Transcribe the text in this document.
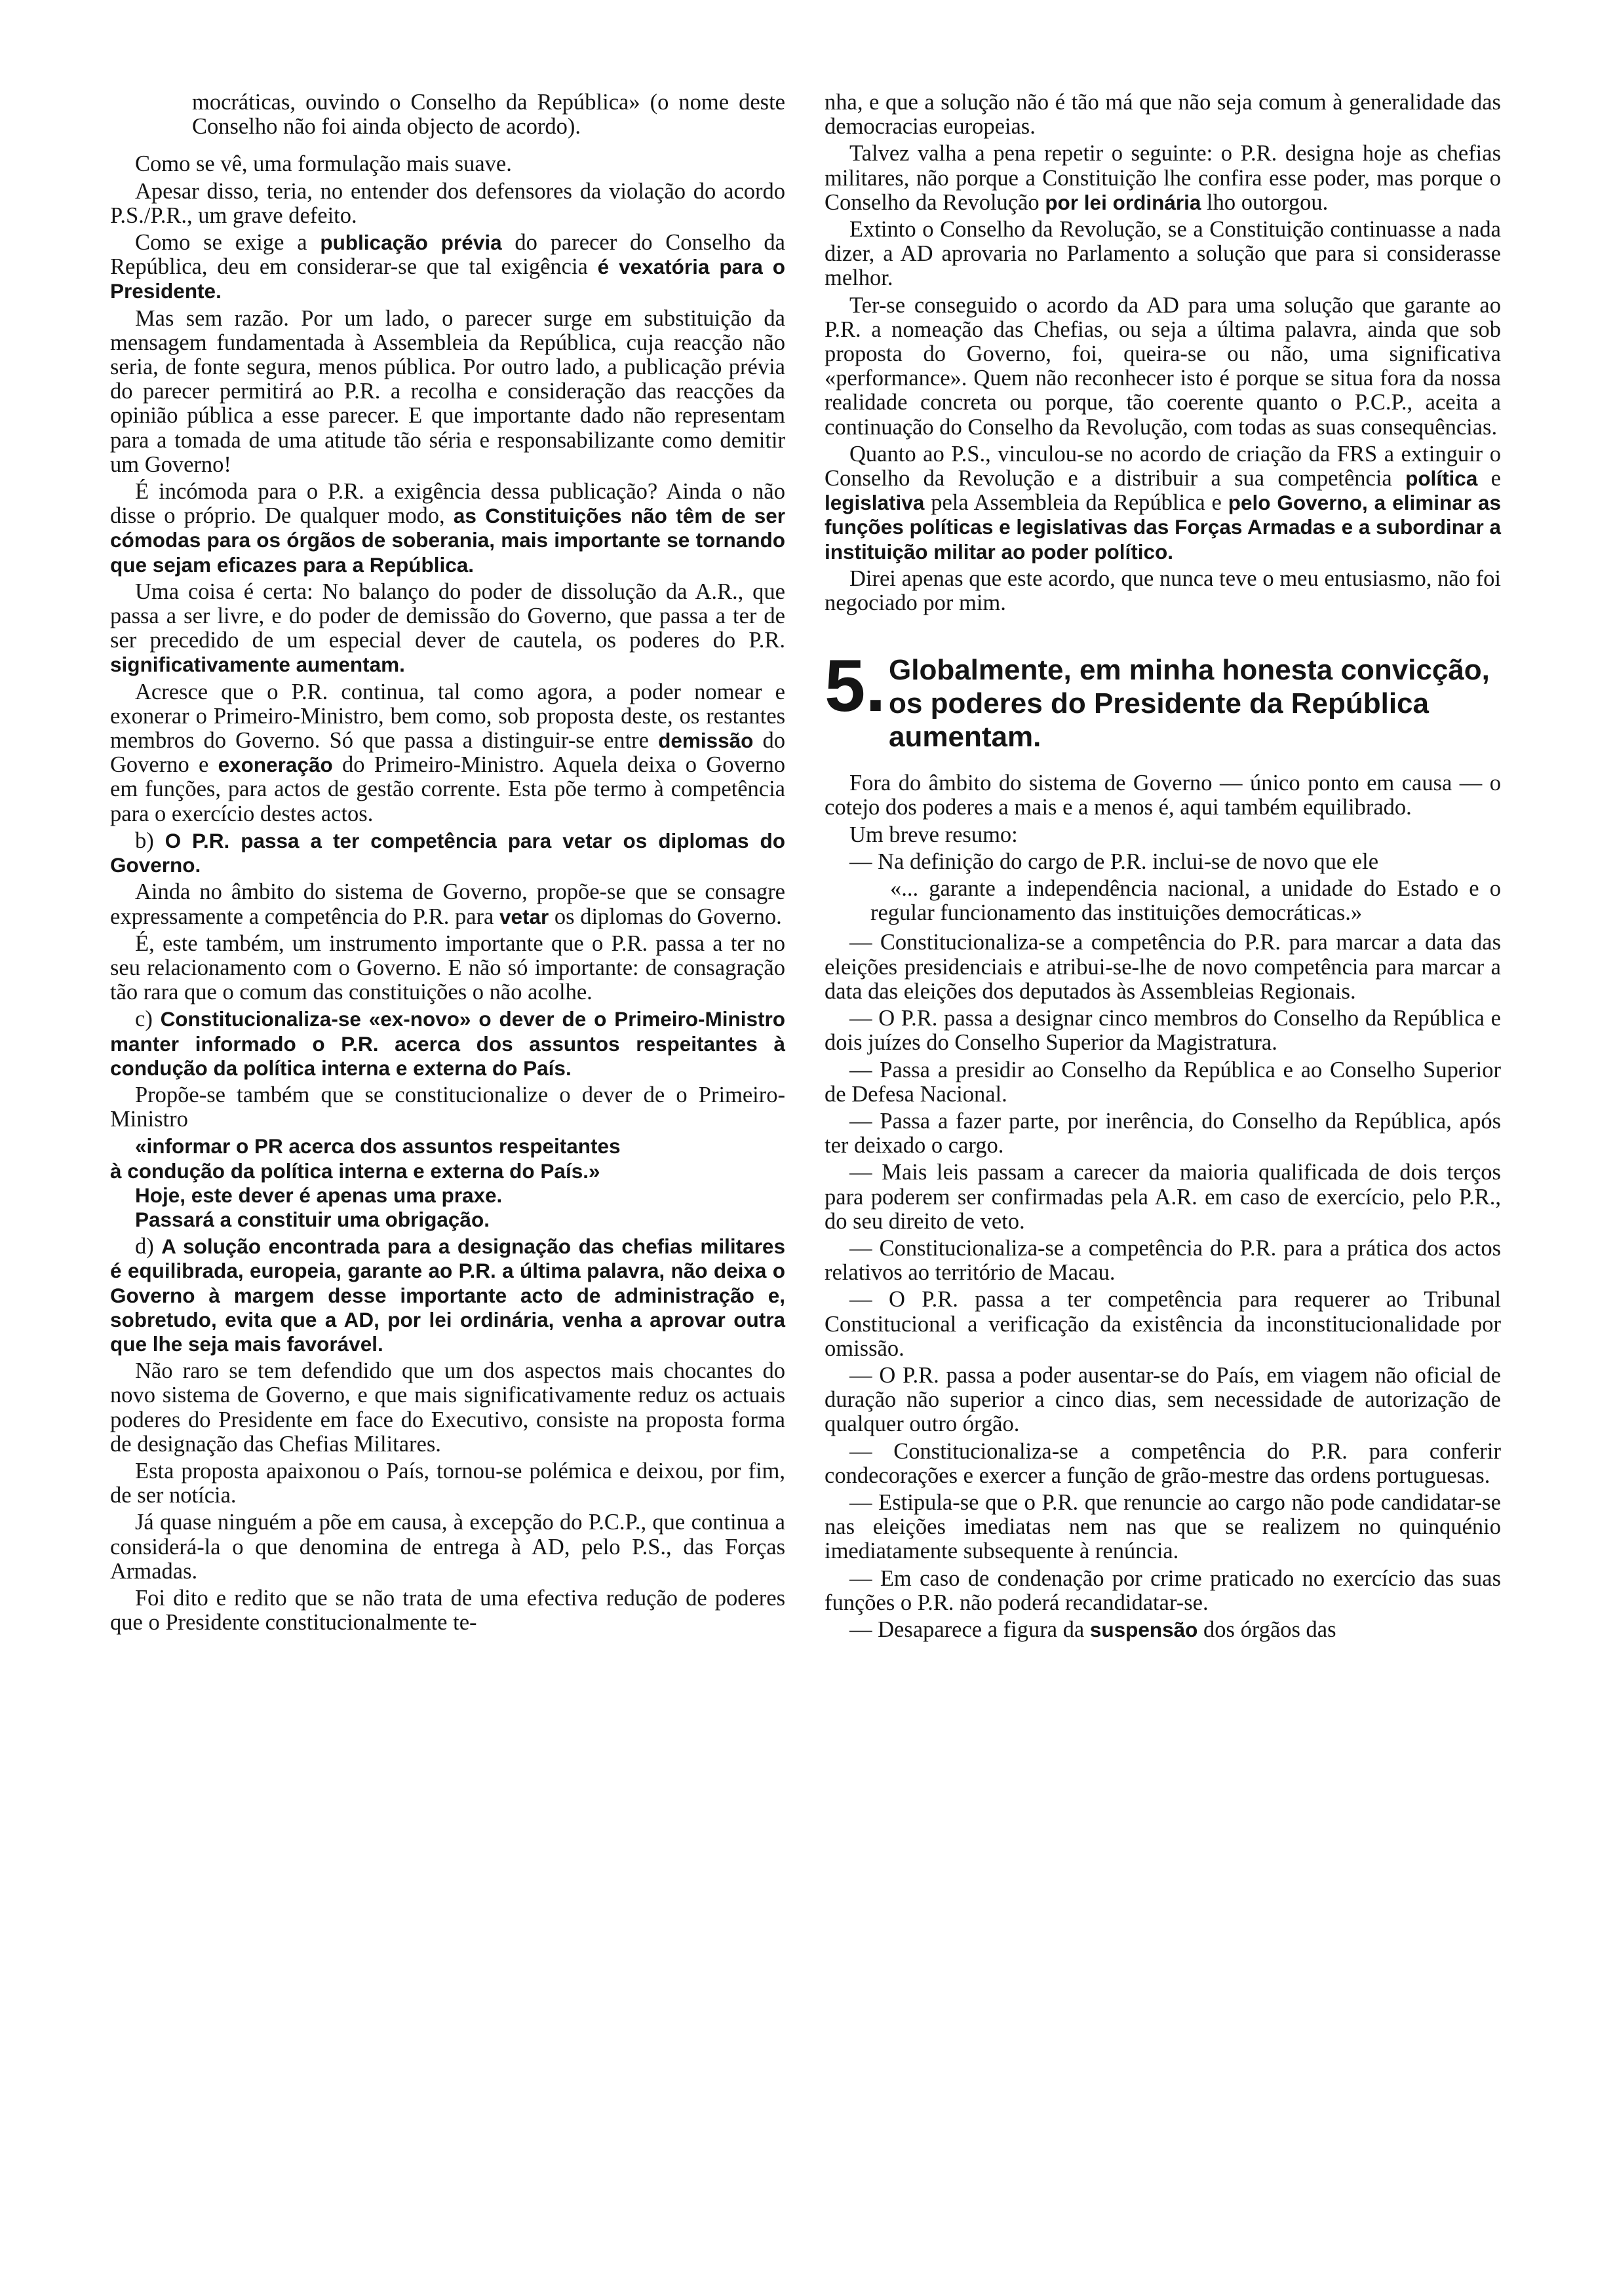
mocráticas, ouvindo o Conselho da República» (o nome deste Conselho não foi ainda objecto de acordo).

Como se vê, uma formulação mais suave.

Apesar disso, teria, no entender dos defensores da violação do acordo P.S./P.R., um grave defeito.

Como se exige a publicação prévia do parecer do Conselho da República, deu em considerar-se que tal exigência é vexatória para o Presidente.

Mas sem razão. Por um lado, o parecer surge em substituição da mensagem fundamentada à Assembleia da República, cuja reacção não seria, de fonte segura, menos pública. Por outro lado, a publicação prévia do parecer permitirá ao P.R. a recolha e consideração das reacções da opinião pública a esse parecer. E que importante dado não representam para a tomada de uma atitude tão séria e responsabilizante como demitir um Governo!

É incómoda para o P.R. a exigência dessa publicação? Ainda o não disse o próprio. De qualquer modo, as Constituições não têm de ser cómodas para os órgãos de soberania, mais importante se tornando que sejam eficazes para a República.

Uma coisa é certa: No balanço do poder de dissolução da A.R., que passa a ser livre, e do poder de demissão do Governo, que passa a ter de ser precedido de um especial dever de cautela, os poderes do P.R. significativamente aumentam.

Acresce que o P.R. continua, tal como agora, a poder nomear e exonerar o Primeiro-Ministro, bem como, sob proposta deste, os restantes membros do Governo. Só que passa a distinguir-se entre demissão do Governo e exoneração do Primeiro-Ministro. Aquela deixa o Governo em funções, para actos de gestão corrente. Esta põe termo à competência para o exercício destes actos.

b) O P.R. passa a ter competência para vetar os diplomas do Governo.

Ainda no âmbito do sistema de Governo, propõe-se que se consagre expressamente a competência do P.R. para vetar os diplomas do Governo.

É, este também, um instrumento importante que o P.R. passa a ter no seu relacionamento com o Governo. E não só importante: de consagração tão rara que o comum das constituições o não acolhe.

c) Constitucionaliza-se «ex-novo» o dever de o Primeiro-Ministro manter informado o P.R. acerca dos assuntos respeitantes à condução da política interna e externa do País.

Propõe-se também que se constitucionalize o dever de o Primeiro-Ministro

«informar o PR acerca dos assuntos respeitantes

à condução da política interna e externa do País.»

Hoje, este dever é apenas uma praxe.

Passará a constituir uma obrigação.

d) A solução encontrada para a designação das chefias militares é equilibrada, europeia, garante ao P.R. a última palavra, não deixa o Governo à margem desse importante acto de administração e, sobretudo, evita que a AD, por lei ordinária, venha a aprovar outra que lhe seja mais favorável.

Não raro se tem defendido que um dos aspectos mais chocantes do novo sistema de Governo, e que mais significativamente reduz os actuais poderes do Presidente em face do Executivo, consiste na proposta forma de designação das Chefias Militares.

Esta proposta apaixonou o País, tornou-se polémica e deixou, por fim, de ser notícia.

Já quase ninguém a põe em causa, à excepção do P.C.P., que continua a considerá-la o que denomina de entrega à AD, pelo P.S., das Forças Armadas.

Foi dito e redito que se não trata de uma efectiva redução de poderes que o Presidente constitucionalmente te-

nha, e que a solução não é tão má que não seja comum à generalidade das democracias europeias.

Talvez valha a pena repetir o seguinte: o P.R. designa hoje as chefias militares, não porque a Constituição lhe confira esse poder, mas porque o Conselho da Revolução por lei ordinária lho outorgou.

Extinto o Conselho da Revolução, se a Constituição continuasse a nada dizer, a AD aprovaria no Parlamento a solução que para si considerasse melhor.

Ter-se conseguido o acordo da AD para uma solução que garante ao P.R. a nomeação das Chefias, ou seja a última palavra, ainda que sob proposta do Governo, foi, queira-se ou não, uma significativa «performance». Quem não reconhecer isto é porque se situa fora da nossa realidade concreta ou porque, tão coerente quanto o P.C.P., aceita a continuação do Conselho da Revolução, com todas as suas consequências.

Quanto ao P.S., vinculou-se no acordo de criação da FRS a extinguir o Conselho da Revolução e a distribuir a sua competência política e legislativa pela Assembleia da República e pelo Governo, a eliminar as funções políticas e legislativas das Forças Armadas e a subordinar a instituição militar ao poder político.

Direi apenas que este acordo, que nunca teve o meu entusiasmo, não foi negociado por mim.

5. Globalmente, em minha honesta convicção, os poderes do Presidente da República aumentam.

Fora do âmbito do sistema de Governo — único ponto em causa — o cotejo dos poderes a mais e a menos é, aqui também equilibrado.

Um breve resumo:

— Na definição do cargo de P.R. inclui-se de novo que ele

«... garante a independência nacional, a unidade do Estado e o regular funcionamento das instituições democráticas.»

— Constitucionaliza-se a competência do P.R. para marcar a data das eleições presidenciais e atribui-se-lhe de novo competência para marcar a data das eleições dos deputados às Assembleias Regionais.

— O P.R. passa a designar cinco membros do Conselho da República e dois juízes do Conselho Superior da Magistratura.

— Passa a presidir ao Conselho da República e ao Conselho Superior de Defesa Nacional.

— Passa a fazer parte, por inerência, do Conselho da República, após ter deixado o cargo.

— Mais leis passam a carecer da maioria qualificada de dois terços para poderem ser confirmadas pela A.R. em caso de exercício, pelo P.R., do seu direito de veto.

— Constitucionaliza-se a competência do P.R. para a prática dos actos relativos ao território de Macau.

— O P.R. passa a ter competência para requerer ao Tribunal Constitucional a verificação da existência da inconstitucionalidade por omissão.

— O P.R. passa a poder ausentar-se do País, em viagem não oficial de duração não superior a cinco dias, sem necessidade de autorização de qualquer outro órgão.

— Constitucionaliza-se a competência do P.R. para conferir condecorações e exercer a função de grão-mestre das ordens portuguesas.

— Estipula-se que o P.R. que renuncie ao cargo não pode candidatar-se nas eleições imediatas nem nas que se realizem no quinquénio imediatamente subsequente à renúncia.

— Em caso de condenação por crime praticado no exercício das suas funções o P.R. não poderá recandidatar-se.

— Desaparece a figura da suspensão dos órgãos das
